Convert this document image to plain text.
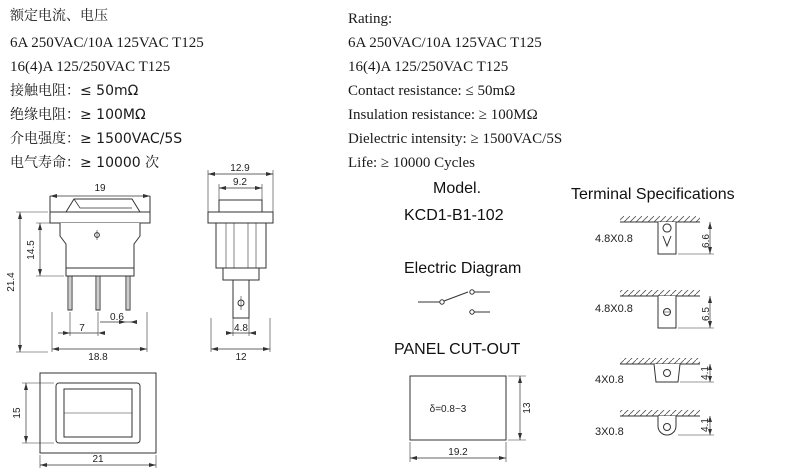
额定电流、电压
6A 250VAC/10A 125VAC T125
16(4)A 125/250VAC T125
接触电阻：≤ 50mΩ
绝缘电阻：≥ 100MΩ
介电强度：≥ 1500VAC/5S
电气寿命：≥ 10000 次
Rating:
6A 250VAC/10A 125VAC T125
16(4)A 125/250VAC T125
Contact resistance: ≤ 50mΩ
Insulation resistance: ≥ 100MΩ
Dielectric intensity: ≥ 1500VAC/5S
Life: ≥ 10000 Cycles
Model.
KCD1-B1-102
Electric Diagram
PANEL CUT-OUT
Terminal Specifications
19
21.4
14.5
7
0.6
18.8
12.9
9.2
4.8
12
15
21
δ=0.8~3	13
19.2
4.8X0.8	6.6
4.8X0.8	6.5
4X0.8
4.1
3X0.8
4.1
